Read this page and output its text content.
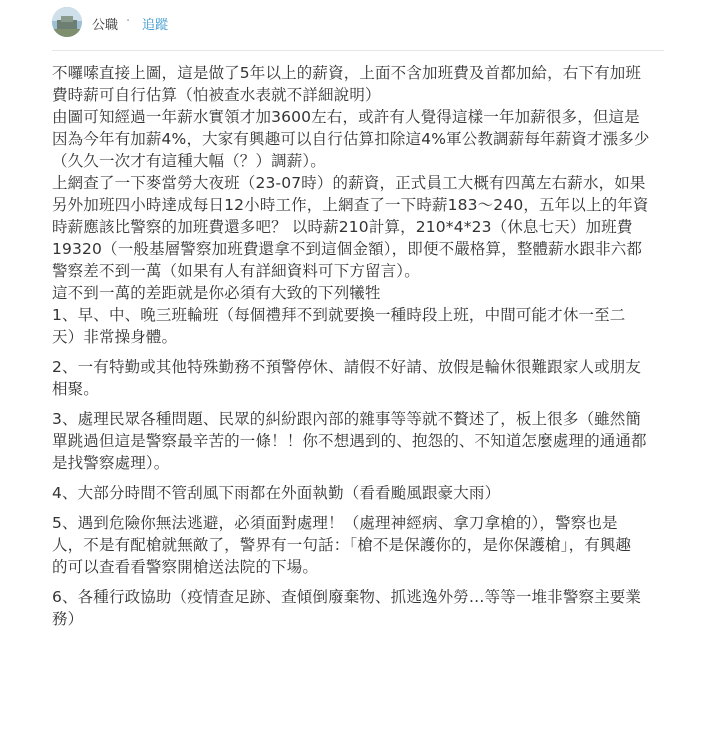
公職 · 追蹤
不囉嗦直接上圖，這是做了5年以上的薪資，上面不含加班費及首都加給，右下有加班
費時薪可自行估算（怕被查水表就不詳細說明）
由圖可知經過一年薪水實領才加3600左右，或許有人覺得這樣一年加薪很多，但這是
因為今年有加薪4%，大家有興趣可以自行估算扣除這4%軍公教調薪每年薪資才漲多少
（久久一次才有這種大幅（？）調薪）。
上網查了一下麥當勞大夜班（23-07時）的薪資，正式員工大概有四萬左右薪水，如果
另外加班四小時達成每日12小時工作，上網查了一下時薪183～240，五年以上的年資
時薪應該比警察的加班費還多吧？ 以時薪210計算，210*4*23（休息七天）加班費
19320（一般基層警察加班費還拿不到這個金額），即便不嚴格算，整體薪水跟非六都
警察差不到一萬（如果有人有詳細資料可下方留言）。
這不到一萬的差距就是你必須有大致的下列犧牲
1、早、中、晚三班輪班（每個禮拜不到就要換一種時段上班，中間可能才休一至二
天）非常操身體。
2、一有特勤或其他特殊勤務不預警停休、請假不好請、放假是輪休很難跟家人或朋友
相聚。
3、處理民眾各種問題、民眾的糾紛跟內部的雜事等等就不贅述了，板上很多（雖然簡
單跳過但這是警察最辛苦的一條！！你不想遇到的、抱怨的、不知道怎麼處理的通通都
是找警察處理）。
4、大部分時間不管刮風下雨都在外面執勤（看看颱風跟豪大雨）
5、遇到危險你無法逃避，必須面對處理！（處理神經病、拿刀拿槍的），警察也是
人，不是有配槍就無敵了，警界有一句話：「槍不是保護你的，是你保護槍」，有興趣
的可以查看看警察開槍送法院的下場。
6、各種行政協助（疫情查足跡、查傾倒廢棄物、抓逃逸外勞…等等一堆非警察主要業
務）
